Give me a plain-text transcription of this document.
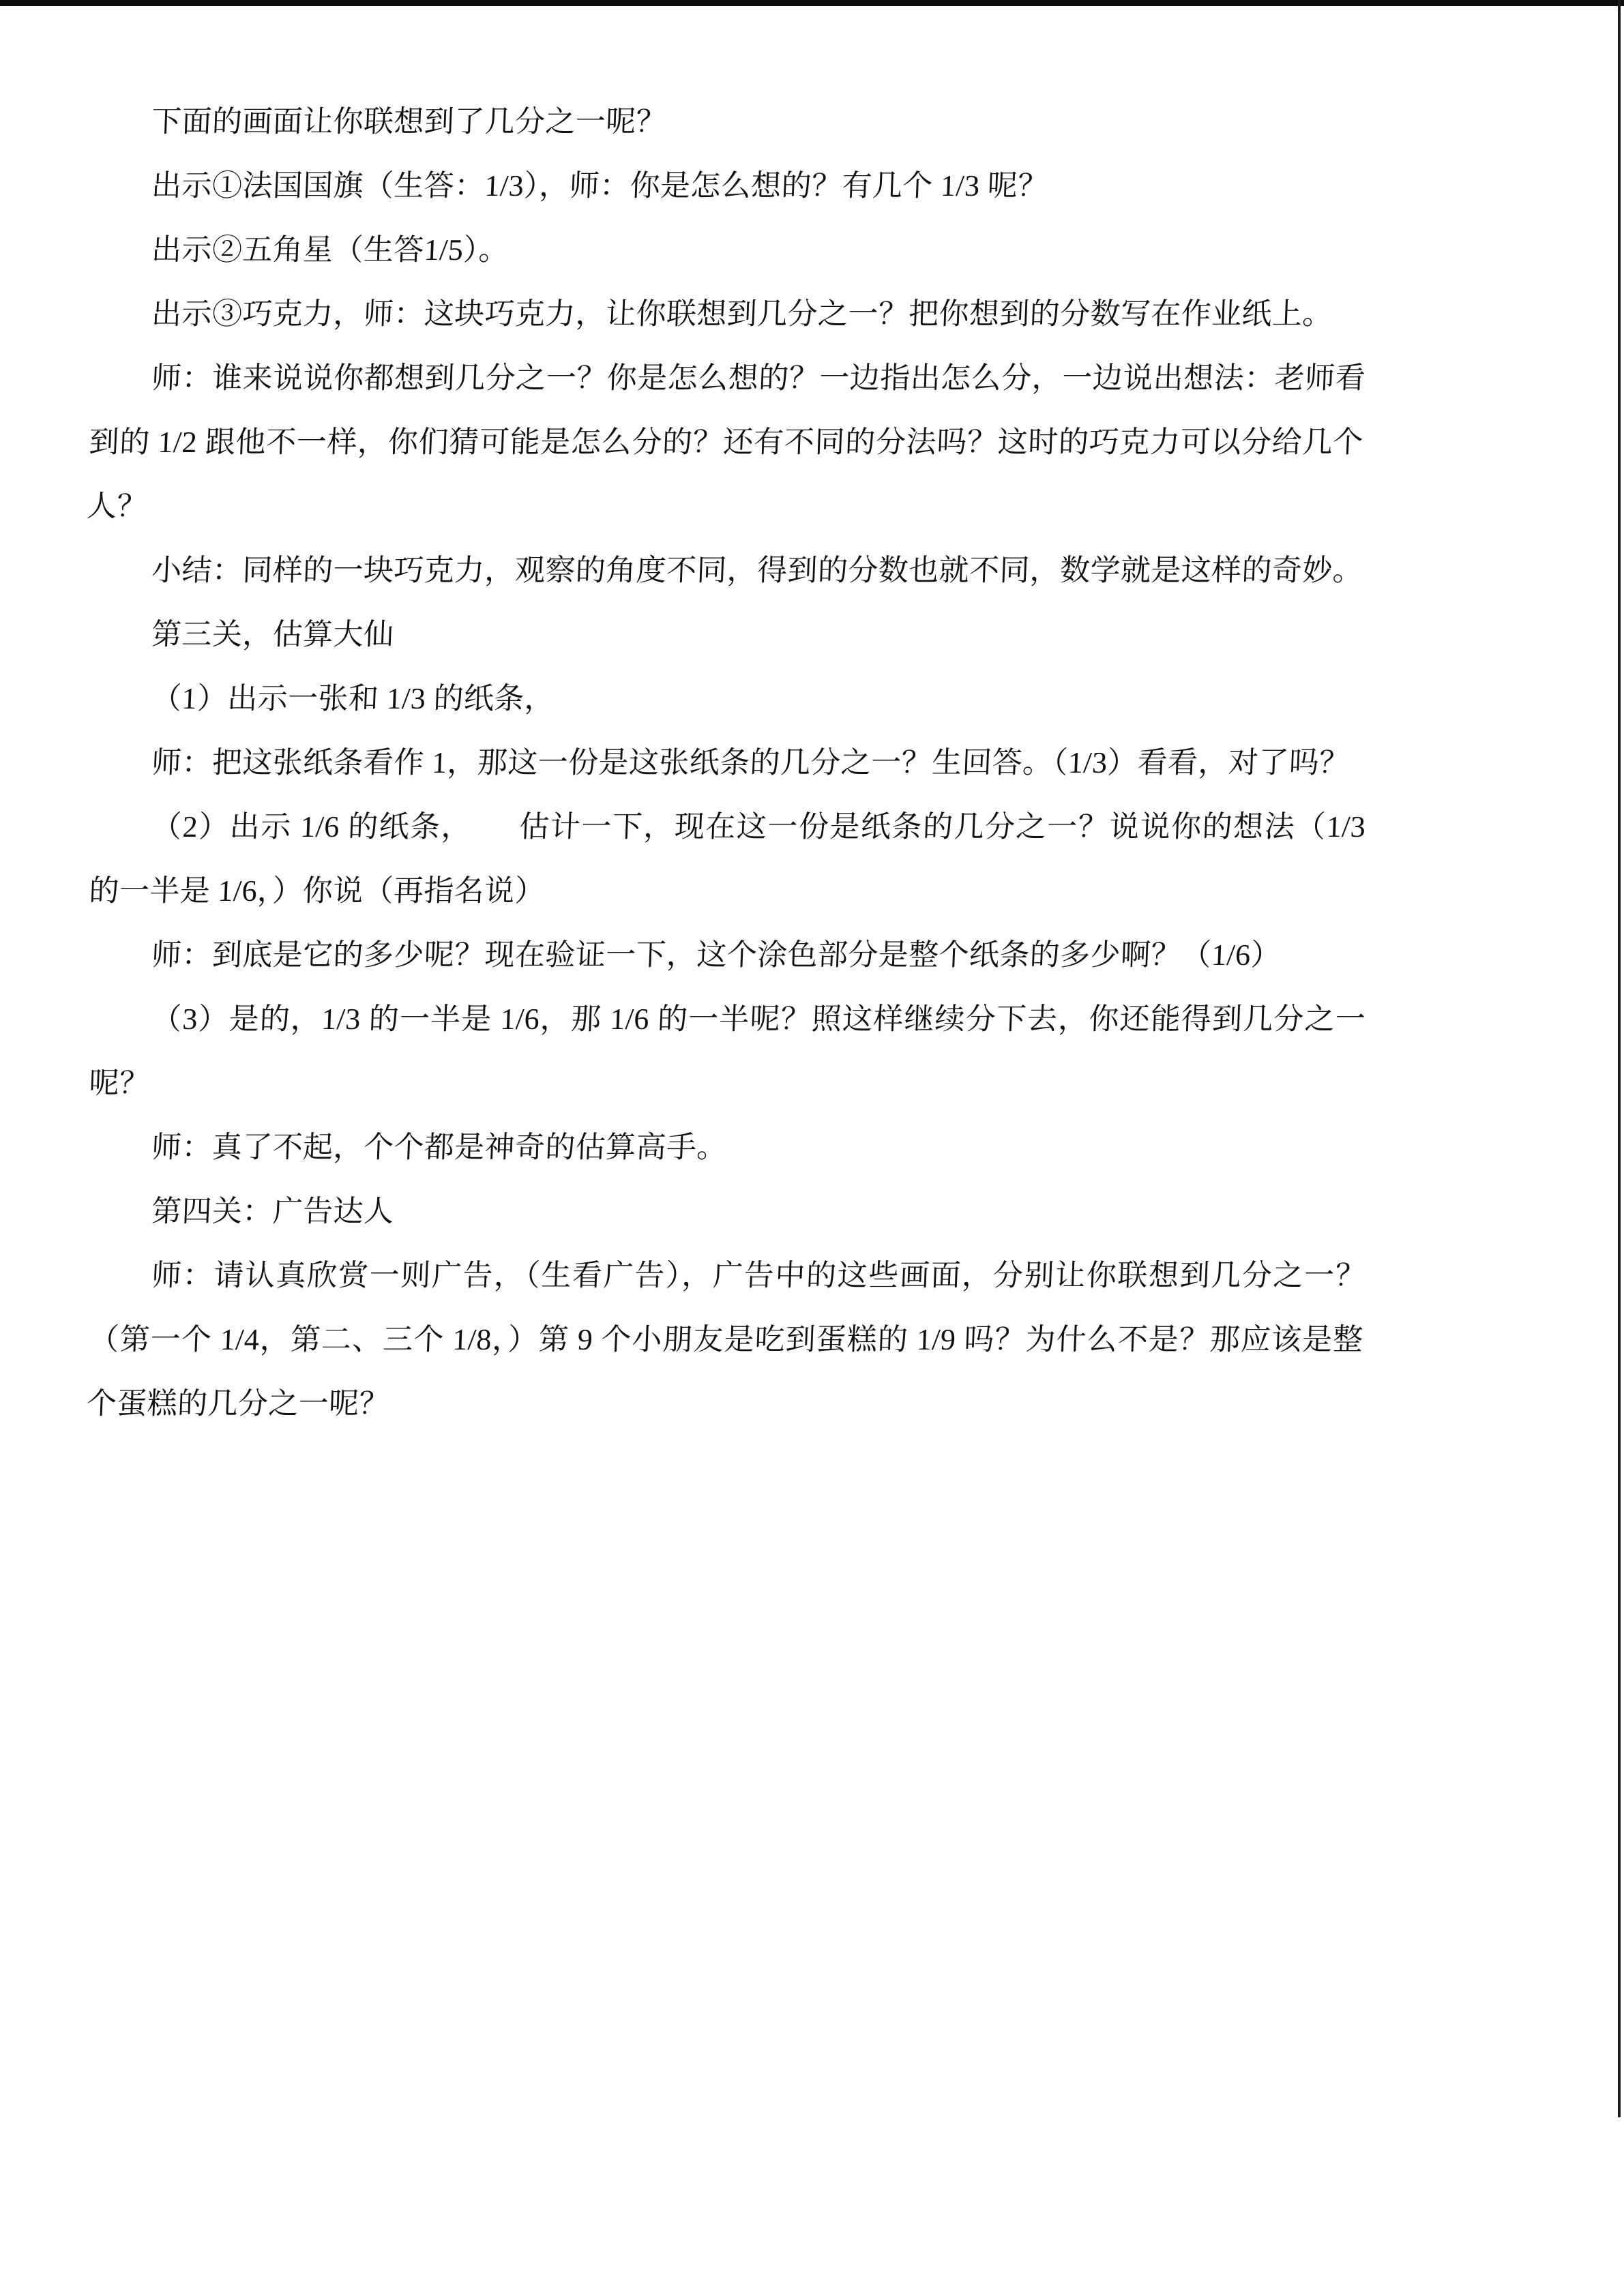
下面的画面让你联想到了几分之一呢？

出示①法国国旗（生答：1/3），师：你是怎么想的？有几个 1/3 呢？

出示②五角星（生答1/5）。

出示③巧克力，师：这块巧克力，让你联想到几分之一？把你想到的分数写在作业纸上。

师：谁来说说你都想到几分之一？你是怎么想的？一边指出怎么分，一边说出想法：老师看到的 1/2 跟他不一样，你们猜可能是怎么分的？还有不同的分法吗？这时的巧克力可以分给几个人？

小结：同样的一块巧克力，观察的角度不同，得到的分数也就不同，数学就是这样的奇妙。

第三关，估算大仙

（1）出示一张和 1/3 的纸条，

师：把这张纸条看作 1，那这一份是这张纸条的几分之一？生回答。（1/3）看看，对了吗？

（2）出示 1/6 的纸条，　　估计一下，现在这一份是纸条的几分之一？说说你的想法（1/3 的一半是 1/6，）你说（再指名说）

师：到底是它的多少呢？现在验证一下，这个涂色部分是整个纸条的多少啊？（1/6）

（3）是的，1/3 的一半是 1/6，那 1/6 的一半呢？照这样继续分下去，你还能得到几分之一呢？

师：真了不起，个个都是神奇的估算高手。

第四关：广告达人

师：请认真欣赏一则广告，（生看广告），广告中的这些画面，分别让你联想到几分之一？（第一个 1/4，第二、三个 1/8，）第 9 个小朋友是吃到蛋糕的 1/9 吗？为什么不是？那应该是整个蛋糕的几分之一呢？
